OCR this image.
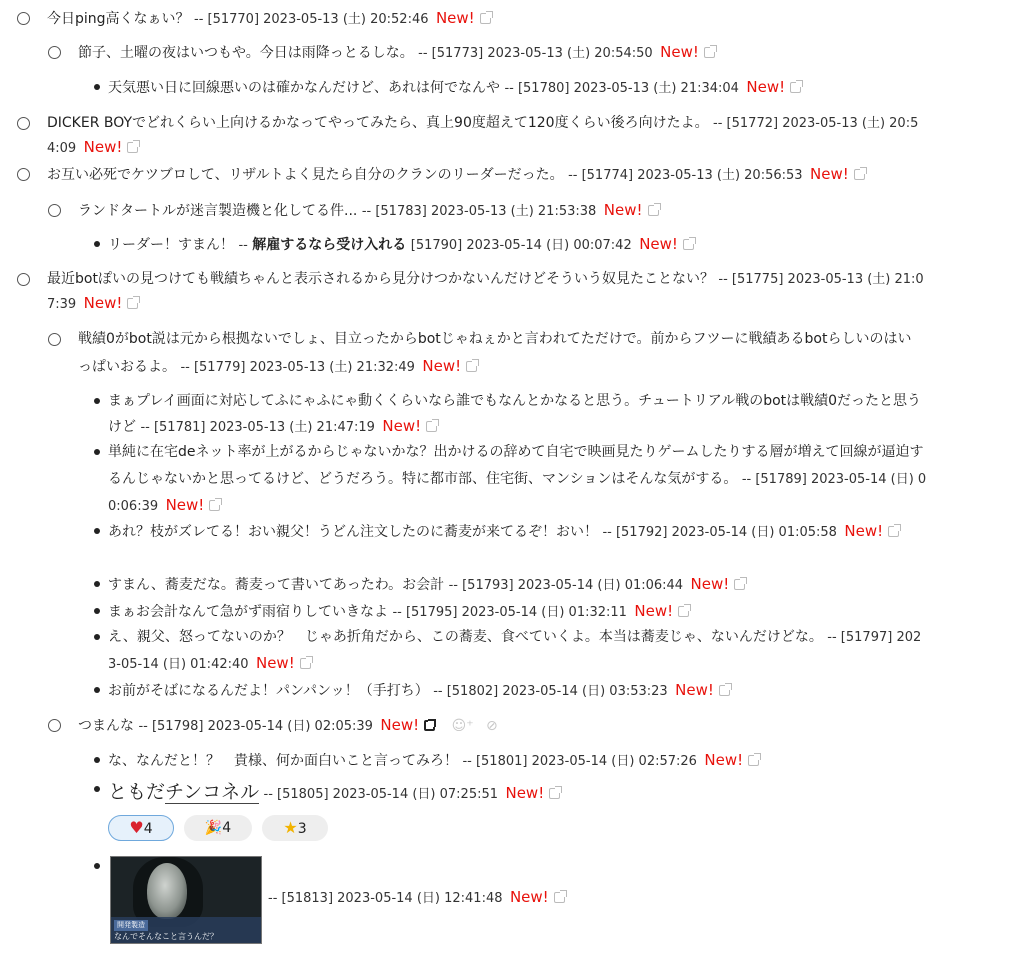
今日ping高くなぁい？ -- [51770] 2023-05-13 (土) 20:52:46 New!
節子、土曜の夜はいつもや。今日は雨降っとるしな。 -- [51773] 2023-05-13 (土) 20:54:50 New!
天気悪い日に回線悪いのは確かなんだけど、あれは何でなんや -- [51780] 2023-05-13 (土) 21:34:04 New!
DICKER BOYでどれくらい上向けるかなってやってみたら、真上90度超えて120度くらい後ろ向けたよ。 -- [51772] 2023-05-13 (土) 20:5
4:09 New!
お互い必死でケツブロして、リザルトよく見たら自分のクランのリーダーだった。 -- [51774] 2023-05-13 (土) 20:56:53 New!
ランドタートルが迷言製造機と化してる件... -- [51783] 2023-05-13 (土) 21:53:38 New!
リーダー！すまん！ -- 解雇するなら受け入れる [51790] 2023-05-14 (日) 00:07:42 New!
最近botぽいの見つけても戦績ちゃんと表示されるから見分けつかないんだけどそういう奴見たことない？ -- [51775] 2023-05-13 (土) 21:0
7:39 New!
戦績0がbot説は元から根拠ないでしょ、目立ったからbotじゃねぇかと言われてただけで。前からフツーに戦績あるbotらしいのはい
っぱいおるよ。 -- [51779] 2023-05-13 (土) 21:32:49 New!
まぁプレイ画面に対応してふにゃふにゃ動くくらいなら誰でもなんとかなると思う。チュートリアル戦のbotは戦績0だったと思う
けど -- [51781] 2023-05-13 (土) 21:47:19 New!
単純に在宅deネット率が上がるからじゃないかな？出かけるの辞めて自宅で映画見たりゲームしたりする層が増えて回線が逼迫す
るんじゃないかと思ってるけど、どうだろう。特に都市部、住宅街、マンションはそんな気がする。 -- [51789] 2023-05-14 (日) 0
0:06:39 New!
あれ？枝がズレてる！おい親父！うどん注文したのに蕎麦が来てるぞ！おい！ -- [51792] 2023-05-14 (日) 01:05:58 New!
すまん、蕎麦だな。蕎麦って書いてあったわ。お会計 -- [51793] 2023-05-14 (日) 01:06:44 New!
まぁお会計なんて急がず雨宿りしていきなよ -- [51795] 2023-05-14 (日) 01:32:11 New!
え、親父、怒ってないのか？　じゃあ折角だから、この蕎麦、食べていくよ。本当は蕎麦じゃ、ないんだけどな。 -- [51797] 202
3-05-14 (日) 01:42:40 New!
お前がそばになるんだよ！パンパンッ！（手打ち） -- [51802] 2023-05-14 (日) 03:53:23 New!
つまんな -- [51798] 2023-05-14 (日) 02:05:39 New! ☺⁺ ⊘
な、なんだと！？　貴様、何か面白いこと言ってみろ！ -- [51801] 2023-05-14 (日) 02:57:26 New!
ともだチンコネル -- [51805] 2023-05-14 (日) 07:25:51 New!
♥4	🎉4	★3
開発製造
なんでそんなこと言うんだ？
-- [51813] 2023-05-14 (日) 12:41:48 New!
